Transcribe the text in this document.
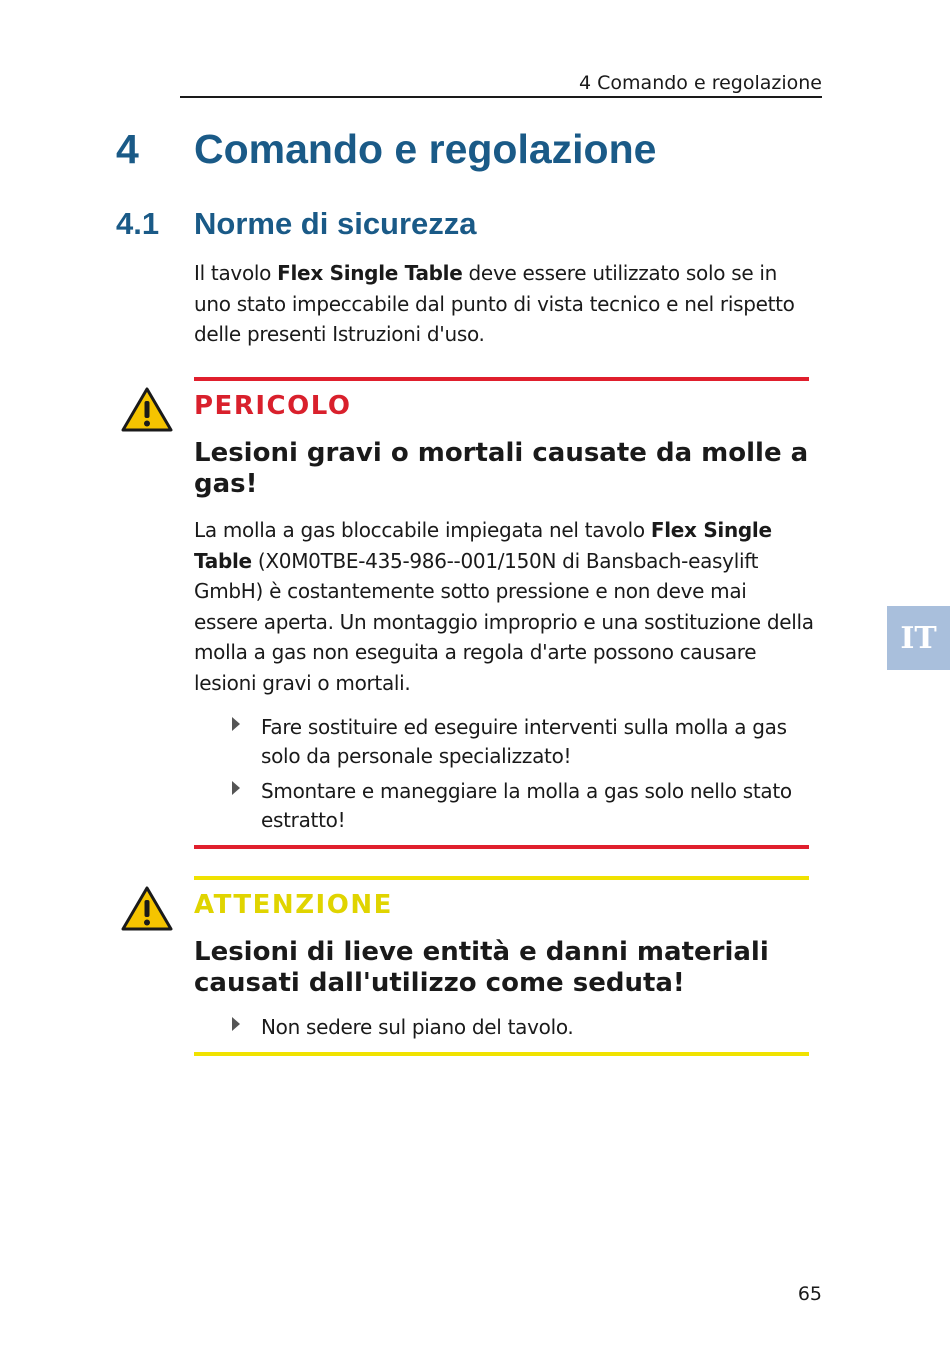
4 Comando e regolazione
4 Comando e regolazione
4.1 Norme di sicurezza
Il tavolo Flex Single Table deve essere utilizzato solo se in uno stato impeccabile dal punto di vista tecnico e nel rispetto delle presenti Istruzioni d'uso.
PERICOLO
Lesioni gravi o mortali causate da molle a gas!
La molla a gas bloccabile impiegata nel tavolo Flex Single Table (X0M0TBE-435-986--001/150N di Bansbach-easylift GmbH) è costantemente sotto pressione e non deve mai essere aperta. Un montaggio improprio e una sostituzione della molla a gas non eseguita a regola d'arte possono causare lesioni gravi o mortali.
Fare sostituire ed eseguire interventi sulla molla a gas solo da personale specializzato!
Smontare e maneggiare la molla a gas solo nello stato estratto!
ATTENZIONE
Lesioni di lieve entità e danni materiali causati dall'utilizzo come seduta!
Non sedere sul piano del tavolo.
IT
65
